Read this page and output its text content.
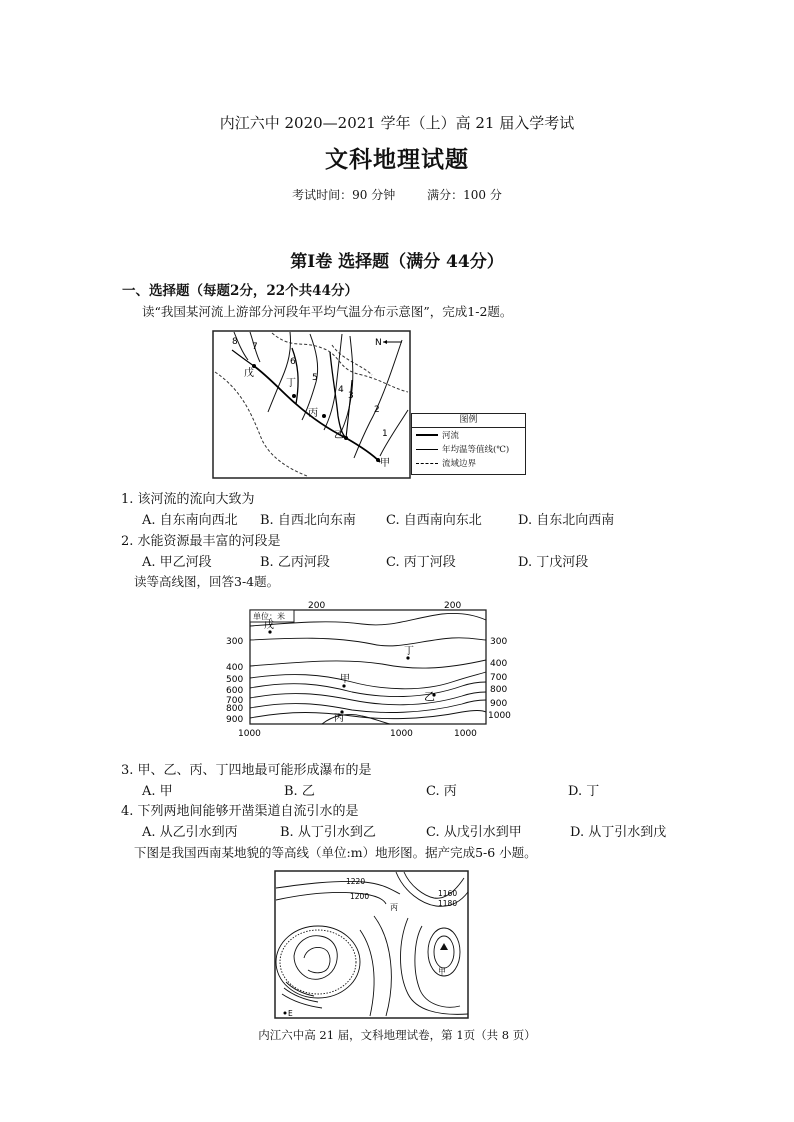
内江六中 2020—2021 学年（上）高 21 届入学考试
文科地理试题
考试时间：90 分钟	满分：100 分
第Ⅰ卷 选择题（满分 44分）
一、选择题（每题2分，22个共44分）
读“我国某河流上游部分河段年平均气温分布示意图”，完成1-2题。
8 7
6
5
4
3
2
1
戊
丁
丙
乙
甲
N
图例
河流
年均温等值线(℃)
流域边界
1. 该河流的流向大致为
A. 自东南向西北	B. 自西北向东南	C. 自西南向东北	D. 自东北向西南
2. 水能资源最丰富的河段是
A. 甲乙河段	B. 乙丙河段	C. 丙丁河段	D. 丁戊河段
读等高线图，回答3-4题。
单位：米
200	200
300
400
500
600
700
800
900
300
400
700
800
900
1000
1000	1000	1000
戊
丁
甲
乙
丙
3. 甲、乙、丙、丁四地最可能形成瀑布的是
A. 甲	B. 乙	C. 丙	D. 丁
4. 下列两地间能够开凿渠道自流引水的是
A. 从乙引水到丙	B. 从丁引水到乙	C. 从戊引水到甲	D. 从丁引水到戊
下图是我国西南某地貌的等高线（单位:m）地形图。据产完成5-6 小题。
1220
1200	1160
1180
丙
甲
E
内江六中高 21 届，文科地理试卷，第 1页（共 8 页）
